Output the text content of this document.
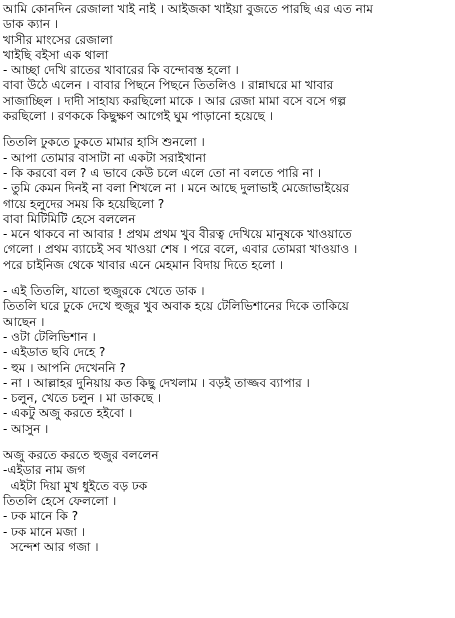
আমি কোনদিন রেজালা খাই নাই । আইজকা খাইয়া বুজতে পারছি এর এত নাম
ডাক ক্যান ।
খাসীর মাংসের রেজালা
খাইছি বইসা এক থালা
- আচ্ছা দেখি রাতের খাবারের কি বন্দোবস্ত হলো ।
বাবা উঠে এলেন । বাবার পিছনে পিছনে তিতলিও । রান্নাঘরে মা খাবার
সাজাচ্ছিল । দাদী সাহায্য করছিলো মাকে । আর রেজা মামা বসে বসে গল্প
করছিলো । রণককে কিছুক্ষণ আগেই ঘুম পাড়ানো হয়েছে ।
তিতলি ঢুকতে ঢুকতে মামার হাসি শুনলো ।
- আপা তোমার বাসাটা না একটা সরাইখানা
- কি করবো বল ? এ ভাবে কেউ চলে এলে তো না বলতে পারি না ।
- তুমি কেমন দিনই না বলা শিখলে না । মনে আছে দুলাভাই মেজোভাইয়ের
গায়ে হলুদের সময় কি হয়েছিলো ?
বাবা মিটিমিটি হেসে বললেন
- মনে থাকবে না আবার ! প্রথম প্রথম খুব বীরত্ব দেখিয়ে মানুষকে খাওয়াতে
গেলো । প্রথম ব্যাচেই সব খাওয়া শেষ । পরে বলে, এবার তোমরা খাওয়াও ।
পরে চাইনিজ থেকে খাবার এনে মেহমান বিদায় দিতে হলো ।
- এই তিতলি, যাতো হুজুরকে খেতে ডাক ।
তিতলি ঘরে ঢুকে দেখে হুজুর খুব অবাক হয়ে টেলিভিশানের দিকে তাকিয়ে
আছেন ।
- ওটা টেলিভিশান ।
- এইডাত ছবি দেহে ?
- হুম । আপনি দেখেননি ?
- না । আল্লাহর দুনিয়ায় কত কিছু দেখলাম । বড়ই তাজ্জব ব্যাপার ।
- চলুন, খেতে চলুন । মা ডাকছে ।
- একটু অজু করতে হইবো ।
- আসুন ।
অজু করতে করতে হুজুর বললেন
-এইডার নাম জগ
এইটা দিয়া মুখ ধুইতে বড় ঢক
তিতলি হেসে ফেললো ।
- ঢক মানে কি ?
- ঢক মানে মজা ।
সন্দেশ আর গজা ।
